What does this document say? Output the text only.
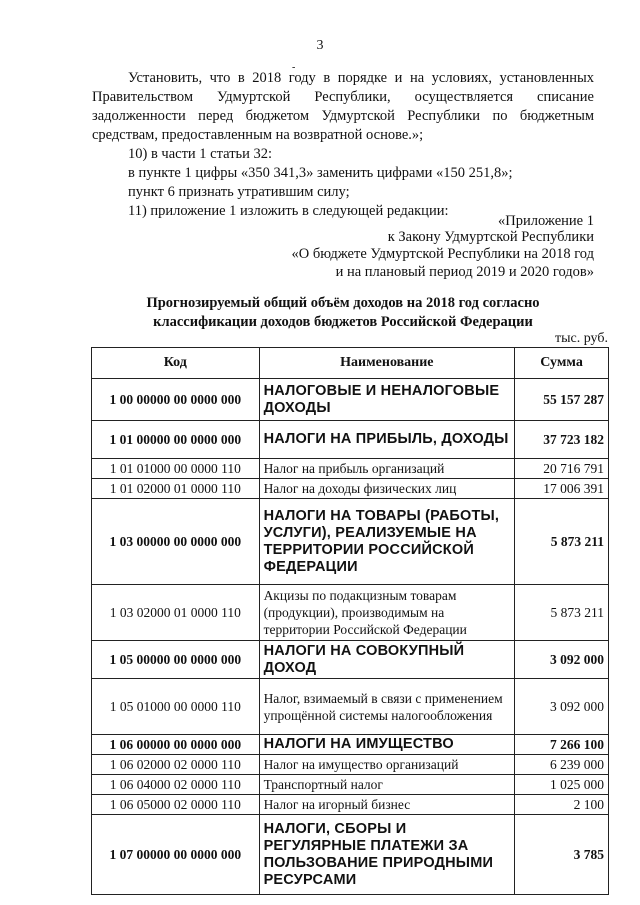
3
-
Установить, что в 2018 году в порядке и на условиях, установленных Правительством Удмуртской Республики, осуществляется списание задолженности перед бюджетом Удмуртской Республики по бюджетным средствам, предоставленным на возвратной основе.»;
10) в части 1 статьи 32:
в пункте 1 цифры «350 341,3» заменить цифрами «150 251,8»;
пункт 6 признать утратившим силу;
11) приложение 1 изложить в следующей редакции:
«Приложение 1
к Закону Удмуртской Республики
«О бюджете Удмуртской Республики на 2018 год
и на плановый период 2019 и 2020 годов»
Прогнозируемый общий объём доходов на 2018 год согласно
классификации доходов бюджетов Российской Федерации
тыс. руб.
Код	Наименование	Сумма
1 00 00000 00 0000 000	НАЛОГОВЫЕ И НЕНАЛОГОВЫЕ ДОХОДЫ	55 157 287
1 01 00000 00 0000 000	НАЛОГИ НА ПРИБЫЛЬ, ДОХОДЫ	37 723 182
1 01 01000 00 0000 110	Налог на прибыль организаций	20 716 791
1 01 02000 01 0000 110	Налог на доходы физических лиц	17 006 391
1 03 00000 00 0000 000	НАЛОГИ НА ТОВАРЫ (РАБОТЫ, УСЛУГИ), РЕАЛИЗУЕМЫЕ НА ТЕРРИТОРИИ РОССИЙСКОЙ ФЕДЕРАЦИИ	5 873 211
1 03 02000 01 0000 110	Акцизы по подакцизным товарам (продукции), производимым на территории Российской Федерации	5 873 211
1 05 00000 00 0000 000	НАЛОГИ НА СОВОКУПНЫЙ ДОХОД	3 092 000
1 05 01000 00 0000 110	Налог, взимаемый в связи с применением упрощённой системы налогообложения	3 092 000
1 06 00000 00 0000 000	НАЛОГИ НА ИМУЩЕСТВО	7 266 100
1 06 02000 02 0000 110	Налог на имущество организаций	6 239 000
1 06 04000 02 0000 110	Транспортный налог	1 025 000
1 06 05000 02 0000 110	Налог на игорный бизнес	2 100
1 07 00000 00 0000 000	НАЛОГИ, СБОРЫ И РЕГУЛЯРНЫЕ ПЛАТЕЖИ ЗА ПОЛЬЗОВАНИЕ ПРИРОДНЫМИ РЕСУРСАМИ	3 785
